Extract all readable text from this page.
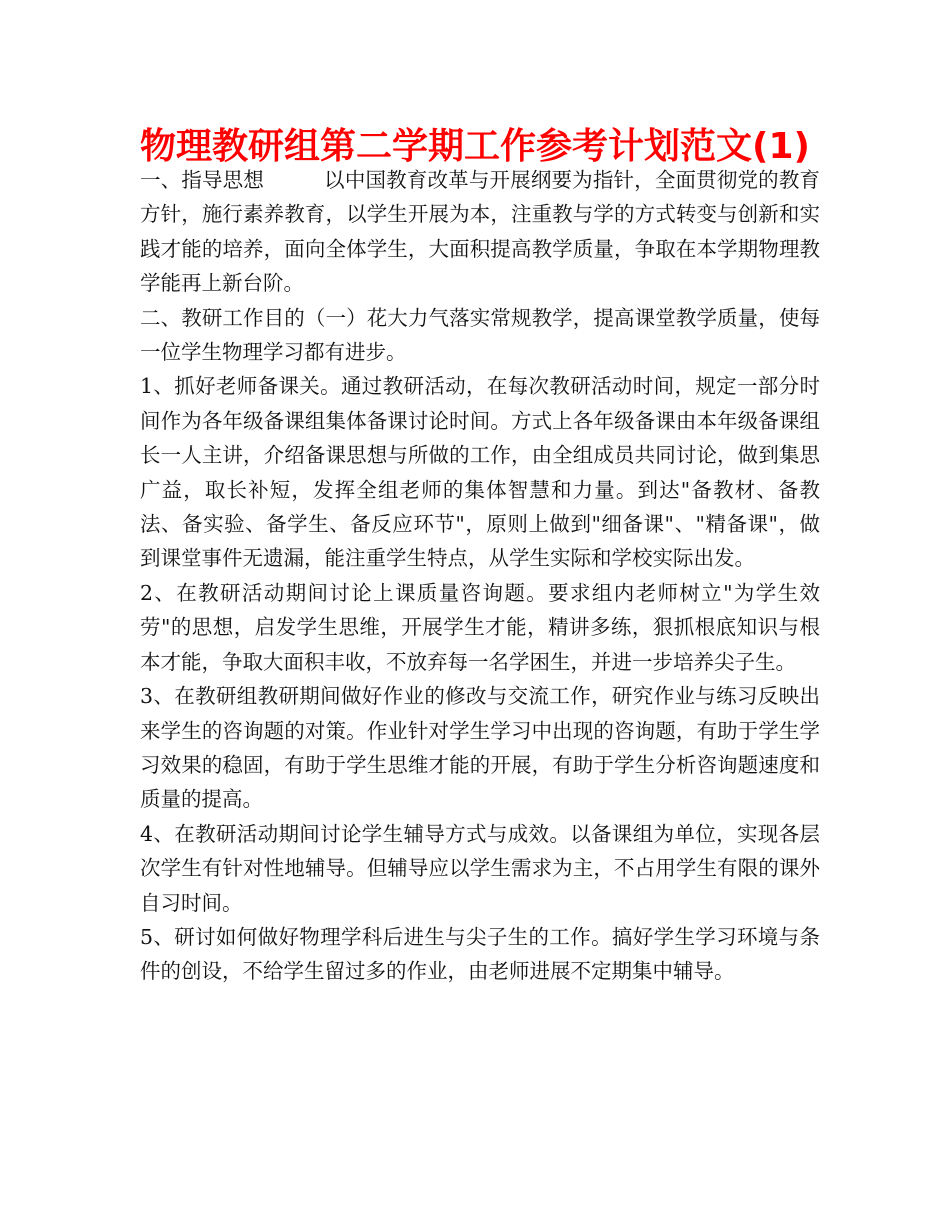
物理教研组第二学期工作参考计划范文(1)

一、指导思想	以中国教育改革与开展纲要为指针，全面贯彻党的教育方针，施行素养教育，以学生开展为本，注重教与学的方式转变与创新和实践才能的培养，面向全体学生，大面积提高教学质量，争取在本学期物理教学能再上新台阶。

二、教研工作目的（一）花大力气落实常规教学，提高课堂教学质量，使每一位学生物理学习都有进步。

1、抓好老师备课关。通过教研活动，在每次教研活动时间，规定一部分时间作为各年级备课组集体备课讨论时间。方式上各年级备课由本年级备课组长一人主讲，介绍备课思想与所做的工作，由全组成员共同讨论，做到集思广益，取长补短，发挥全组老师的集体智慧和力量。到达"备教材、备教法、备实验、备学生、备反应环节"，原则上做到"细备课"、"精备课"，做到课堂事件无遗漏，能注重学生特点，从学生实际和学校实际出发。

2、在教研活动期间讨论上课质量咨询题。要求组内老师树立"为学生效劳"的思想，启发学生思维，开展学生才能，精讲多练，狠抓根底知识与根本才能，争取大面积丰收，不放弃每一名学困生，并进一步培养尖子生。

3、在教研组教研期间做好作业的修改与交流工作，研究作业与练习反映出来学生的咨询题的对策。作业针对学生学习中出现的咨询题，有助于学生学习效果的稳固，有助于学生思维才能的开展，有助于学生分析咨询题速度和质量的提高。

4、在教研活动期间讨论学生辅导方式与成效。以备课组为单位，实现各层次学生有针对性地辅导。但辅导应以学生需求为主，不占用学生有限的课外自习时间。

5、研讨如何做好物理学科后进生与尖子生的工作。搞好学生学习环境与条件的创设，不给学生留过多的作业，由老师进展不定期集中辅导。
